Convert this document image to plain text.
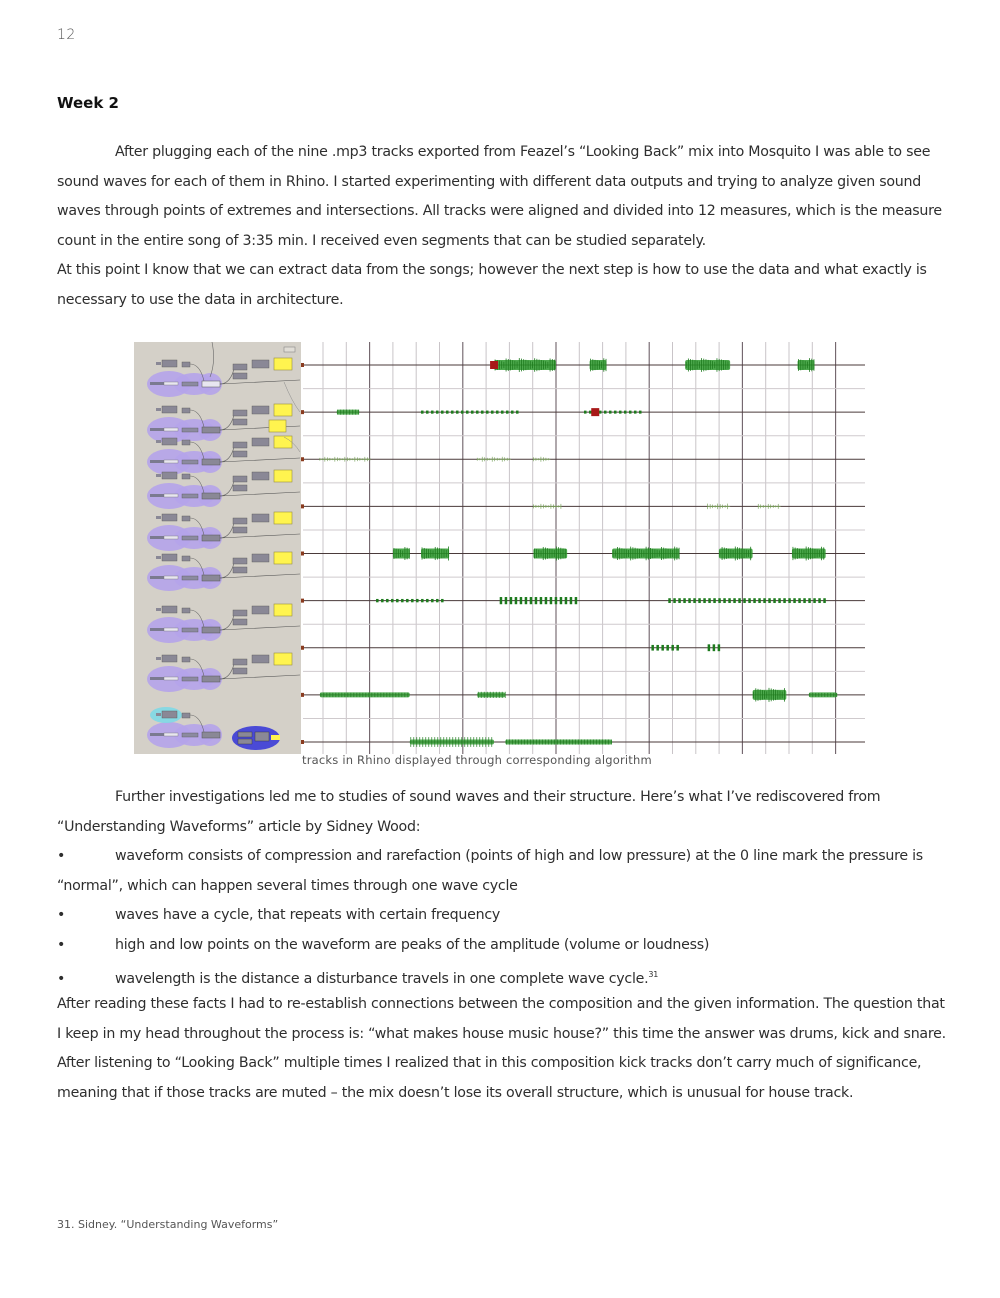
12
Week 2
After plugging each of the nine .mp3 tracks exported from Feazel’s “Looking Back” mix into Mosquito I was able to see sound waves for each of them in Rhino. I started experimenting with different data outputs and trying to analyze given sound waves through points of extremes and intersections. All tracks were aligned and divided into 12 measures, which is the measure count in the entire song of 3:35 min. I received even segments that can be studied separately.
At this point I know that we can extract data from the songs; however the next step is how to use the data and what exactly is necessary to use the data in architecture.
tracks in Rhino displayed through corresponding algorithm
Further investigations led me to studies of sound waves and their structure. Here’s what I’ve rediscovered from “Understanding Waveforms” article by Sidney Wood:
•	waveform consists of compression and rarefaction (points of high and low pressure) at the 0 line mark the pressure is “normal”, which can happen several times through one wave cycle
•	waves have a cycle, that repeats with certain frequency
•	high and low points on the waveform are peaks of the amplitude (volume or loudness)
•	wavelength is the distance a disturbance travels in one complete wave cycle.$^{31}$
After reading these facts I had to re-establish connections between the composition and the given information. The question that I keep in my head throughout the process is: “what makes house music house?” this time the answer was drums, kick and snare. After listening to “Looking Back” multiple times I realized that in this composition kick tracks don’t carry much of significance, meaning that if those tracks are muted – the mix doesn’t lose its overall structure, which is unusual for house track.
31. Sidney. “Understanding Waveforms”
